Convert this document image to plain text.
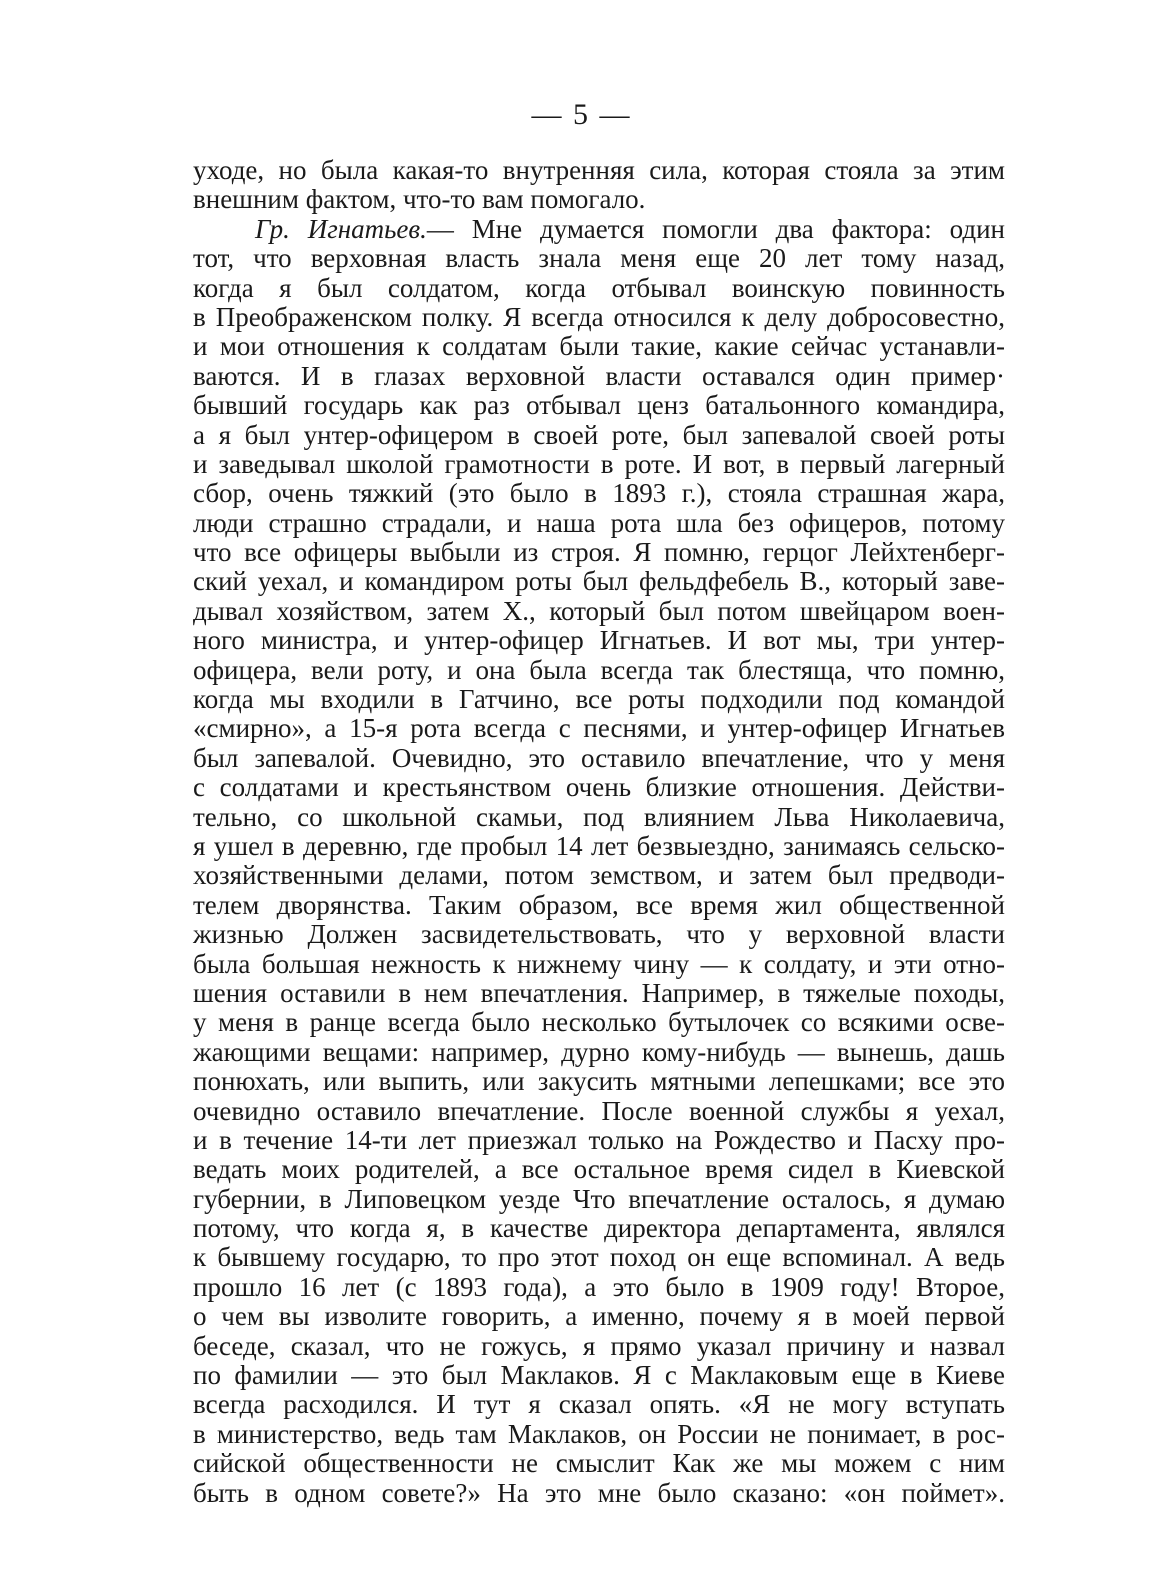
— 5 —
уходе, но была какая-то внутренняя сила, которая стояла за этим
внешним фактом, что-то вам помогало.
Гр. Игнатьев.— Мне думается помогли два фактора: один
тот, что верховная власть знала меня еще 20 лет тому назад,
когда я был солдатом, когда отбывал воинскую повинность
в Преображенском полку. Я всегда относился к делу добросовестно,
и мои отношения к солдатам были такие, какие сейчас устанавли-
ваются. И в глазах верховной власти оставался один пример·
бывший государь как раз отбывал ценз батальонного командира,
а я был унтер-офицером в своей роте, был запевалой своей роты
и заведывал школой грамотности в роте. И вот, в первый лагерный
сбор, очень тяжкий (это было в 1893 г.), стояла страшная жара,
люди страшно страдали, и наша рота шла без офицеров, потому
что все офицеры выбыли из строя. Я помню, герцог Лейхтенберг-
ский уехал, и командиром роты был фельдфебель В., который заве-
дывал хозяйством, затем Х., который был потом швейцаром воен-
ного министра, и унтер-офицер Игнатьев. И вот мы, три унтер-
офицера, вели роту, и она была всегда так блестяща, что помню,
когда мы входили в Гатчино, все роты подходили под командой
«смирно», а 15-я рота всегда с песнями, и унтер-офицер Игнатьев
был запевалой. Очевидно, это оставило впечатление, что у меня
с солдатами и крестьянством очень близкие отношения. Действи-
тельно, со школьной скамьи, под влиянием Льва Николаевича,
я ушел в деревню, где пробыл 14 лет безвыездно, занимаясь сельско-
хозяйственными делами, потом земством, и затем был предводи-
телем дворянства. Таким образом, все время жил общественной
жизнью Должен засвидетельствовать, что у верховной власти
была большая нежность к нижнему чину — к солдату, и эти отно-
шения оставили в нем впечатления. Например, в тяжелые походы,
у меня в ранце всегда было несколько бутылочек со всякими осве-
жающими вещами: например, дурно кому-нибудь — вынешь, дашь
понюхать, или выпить, или закусить мятными лепешками; все это
очевидно оставило впечатление. После военной службы я уехал,
и в течение 14-ти лет приезжал только на Рождество и Пасху про-
ведать моих родителей, а все остальное время сидел в Киевской
губернии, в Липовецком уезде Что впечатление осталось, я думаю
потому, что когда я, в качестве директора департамента, являлся
к бывшему государю, то про этот поход он еще вспоминал. А ведь
прошло 16 лет (с 1893 года), а это было в 1909 году! Второе,
о чем вы изволите говорить, а именно, почему я в моей первой
беседе, сказал, что не гожусь, я прямо указал причину и назвал
по фамилии — это был Маклаков. Я с Маклаковым еще в Киеве
всегда расходился. И тут я сказал опять. «Я не могу вступать
в министерство, ведь там Маклаков, он России не понимает, в рос-
сийской общественности не смыслит Как же мы можем с ним
быть в одном совете?» На это мне было сказано: «он поймет».
